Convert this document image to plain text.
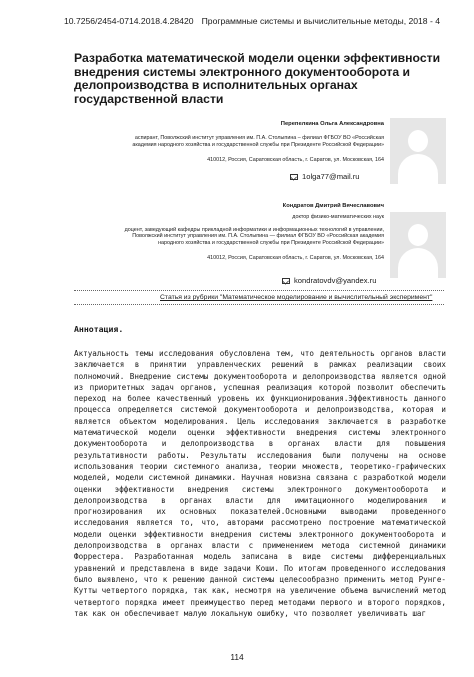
10.7256/2454-0714.2018.4.28420 Программные системы и вычислительные методы, 2018 - 4
Разработка математической модели оценки эффективности внедрения системы электронного документооборота и делопроизводства в исполнительных органах государственной власти
Перепелкина Ольга Александровна
аспирант, Поволжский институт управления им. П.А. Столыпина – филиал ФГБОУ ВО «Российская
академия народного хозяйства и государственной службы при Президенте Российской Федерации»
410012, Россия, Саратовская область, г. Саратов, ул. Московская, 164
1olga77@mail.ru
Кондратов Дмитрий Вячеславович
доктор физико-математических наук
доцент, заведующий кафедры прикладной информатики и информационных технологий в управлении,
Поволжский институт управления им. П.А. Столыпина — филиал ФГБОУ ВО «Российская академия
народного хозяйства и государственной службы при Президенте Российской Федерации»
410012, Россия, Саратовская область, г. Саратов, ул. Московская, 164
kondratovdv@yandex.ru
Статья из рубрики "Математическое моделирование и вычислительный эксперимент"
Аннотация.
Актуальность темы исследования обусловлена тем, что деятельность органов власти
заключается в принятии управленческих решений в рамках реализации своих
полномочий. Внедрение системы документооборота и делопроизводства является одной
из приоритетных задач органов, успешная реализация которой позволит обеспечить
переход на более качественный уровень их функционирования.Эффективность данного
процесса определяется системой документооборота и делопроизводства, которая и
является объектом моделирования. Цель исследования заключается в разработке
математической модели оценки эффективности внедрения системы электронного
документооборота и делопроизводства в органах власти для повышения
результативности работы. Результаты исследования были получены на основе
использования теории системного анализа, теории множеств, теоретико-графических
моделей, модели системной динамики. Научная новизна связана с разработкой модели
оценки эффективности внедрения системы электронного документооборота и
делопроизводства в органах власти для имитационного моделирования и
прогнозирования их основных показателей.Основными выводами проведенного
исследования является то, что, авторами рассмотрено построение математической
модели оценки эффективности внедрения системы электронного документооборота и
делопроизводства в органах власти с применением метода системной динамики
Форрестера. Разработанная модель записана в виде системы дифференциальных
уравнений и представлена в виде задачи Коши. По итогам проведенного исследования
было выявлено, что к решению данной системы целесообразно применить метод Рунге-
Кутты четвертого порядка, так как, несмотря на увеличение объема вычислений метод
четвертого порядка имеет преимущество перед методами первого и второго порядков,
так как он обеспечивает малую локальную ошибку, что позволяет увеличивать шаг
114
